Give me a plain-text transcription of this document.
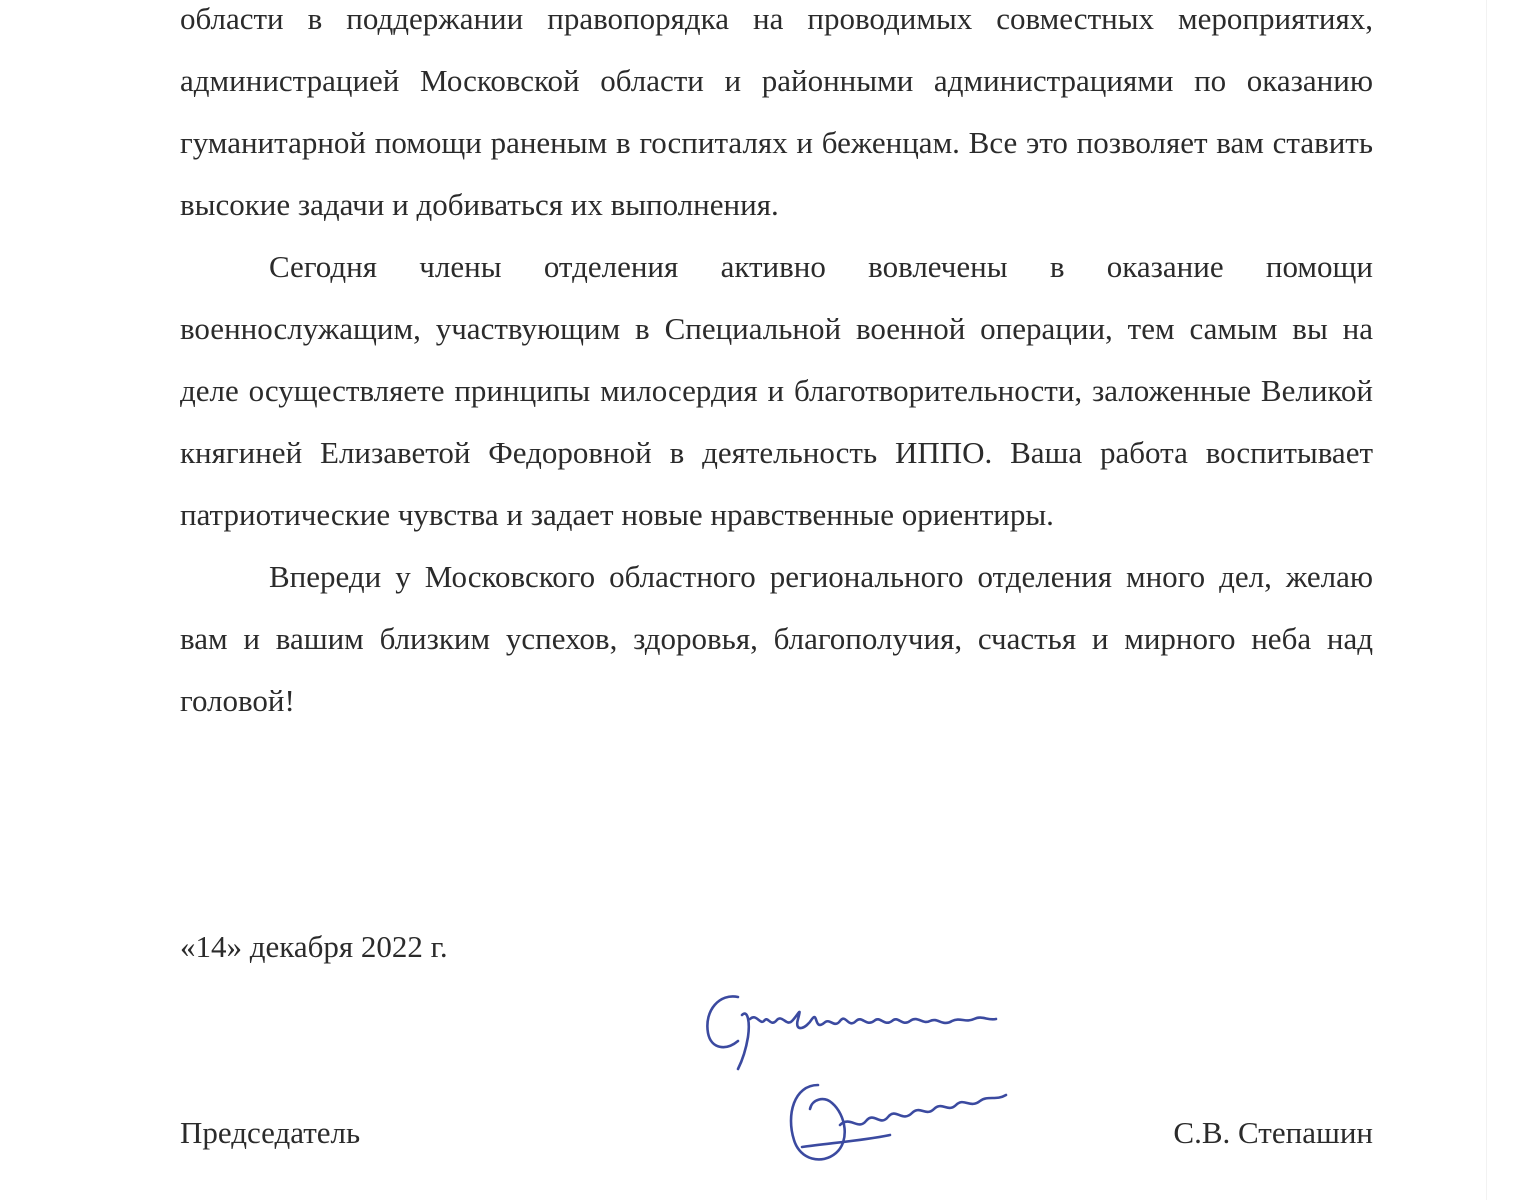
области в поддержании правопорядка на проводимых совместных мероприятиях, администрацией Московской области и районными администрациями по оказанию гуманитарной помощи раненым в госпиталях и беженцам. Все это позволяет вам ставить высокие задачи и добиваться их выполнения.

Сегодня члены отделения активно вовлечены в оказание помощи военнослужащим, участвующим в Специальной военной операции, тем самым вы на деле осуществляете принципы милосердия и благотворительности, заложенные Великой княгиней Елизаветой Федоровной в деятельность ИППО. Ваша работа воспитывает патриотические чувства и задает новые нравственные ориентиры.

Впереди у Московского областного регионального отделения много дел, желаю вам и вашим близким успехов, здоровья, благополучия, счастья и мирного неба над головой!

«14» декабря 2022 г.
Председатель	С.В. Степашин
